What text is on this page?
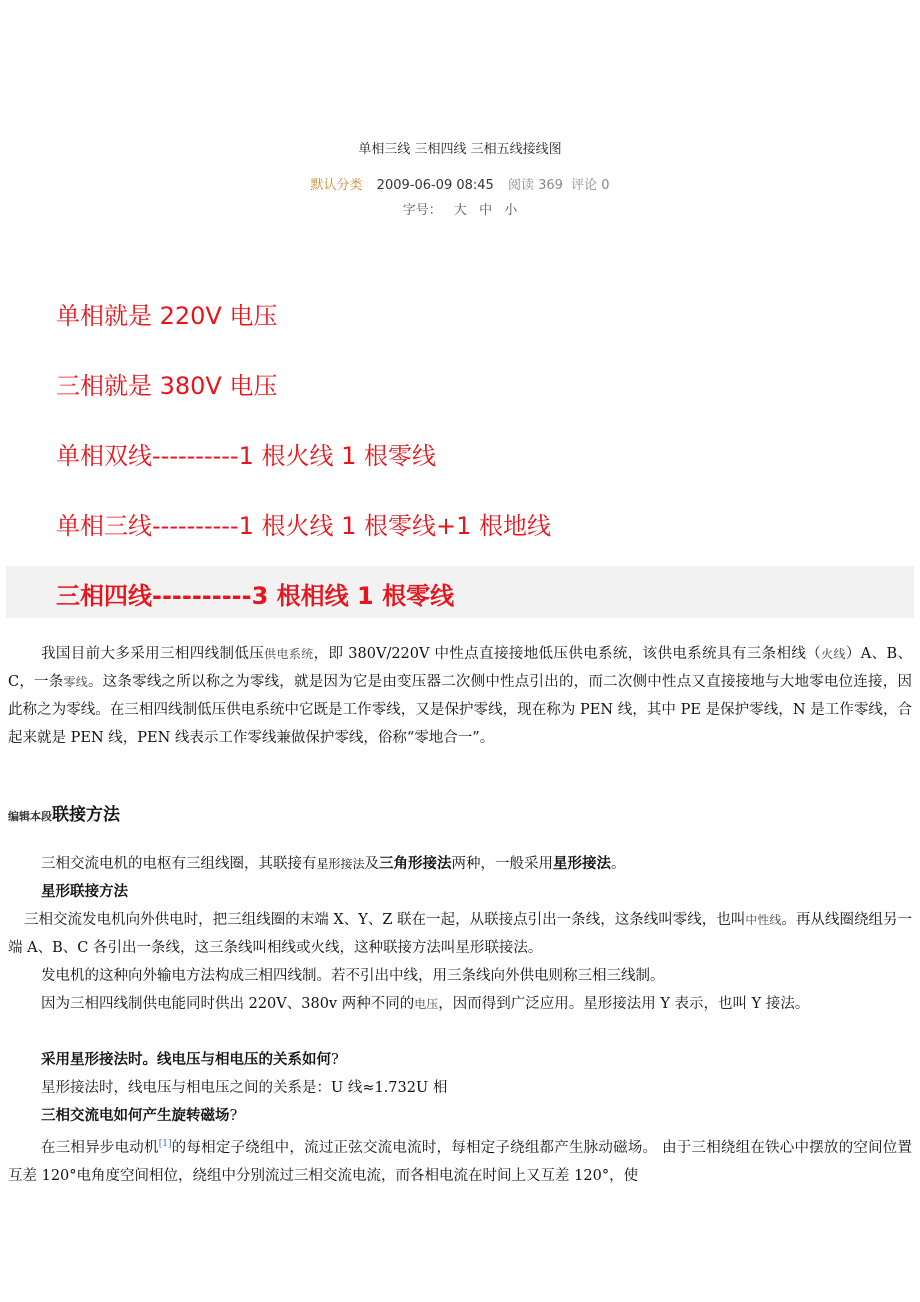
单相三线 三相四线 三相五线接线图
默认分类 2009-06-09 08:45 阅读 369 评论 0
字号： 大 中 小
单相就是 220V 电压
三相就是 380V 电压
单相双线----------1 根火线 1 根零线
单相三线----------1 根火线 1 根零线+1 根地线
三相四线----------3 根相线 1 根零线
我国目前大多采用三相四线制低压供电系统，即 380V/220V 中性点直接接地低压供电系统，该供电系统具有三条相线（火线）A、B、C，一条零线。这条零线之所以称之为零线，就是因为它是由变压器二次侧中性点引出的，而二次侧中性点又直接接地与大地零电位连接，因此称之为零线。在三相四线制低压供电系统中它既是工作零线，又是保护零线，现在称为 PEN 线，其中 PE 是保护零线，N 是工作零线，合起来就是 PEN 线，PEN 线表示工作零线兼做保护零线，俗称“零地合一”。
编辑本段联接方法
三相交流电机的电枢有三组线圈，其联接有星形接法及三角形接法两种，一般采用星形接法。
星形联接方法
三相交流发电机向外供电时，把三组线圈的末端 X、Y、Z 联在一起，从联接点引出一条线，这条线叫零线，也叫中性线。再从线圈绕组另一端 A、B、C 各引出一条线，这三条线叫相线或火线，这种联接方法叫星形联接法。
发电机的这种向外输电方法构成三相四线制。若不引出中线，用三条线向外供电则称三相三线制。
因为三相四线制供电能同时供出 220V、380v 两种不同的电压，因而得到广泛应用。星形接法用 Y 表示，也叫 Y 接法。
采用星形接法时。线电压与相电压的关系如何?
星形接法时，线电压与相电压之间的关系是：U 线≈1.732U 相
三相交流电如何产生旋转磁场?
在三相异步电动机[1]的每相定子绕组中，流过正弦交流电流时，每相定子绕组都产生脉动磁场。 由于三相绕组在铁心中摆放的空间位置互差 120°电角度空间相位，绕组中分别流过三相交流电流，而各相电流在时间上又互差 120°，使
